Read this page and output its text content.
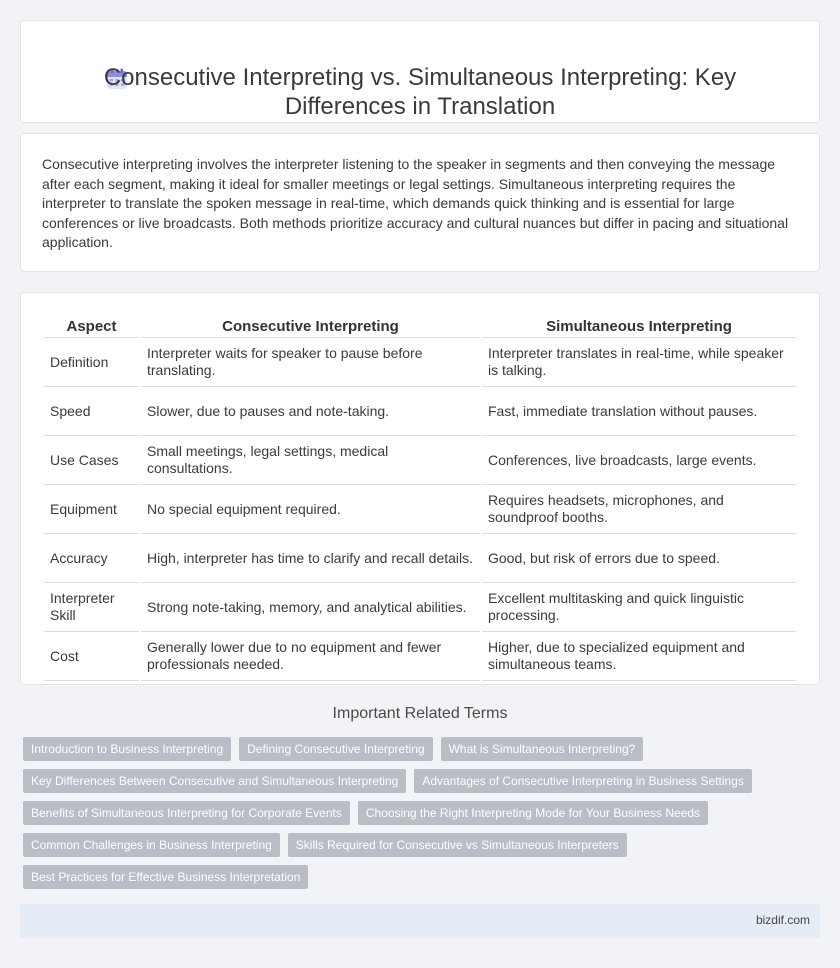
Consecutive Interpreting vs. Simultaneous Interpreting: Key Differences in Translation

Consecutive interpreting involves the interpreter listening to the speaker in segments and then conveying the message after each segment, making it ideal for smaller meetings or legal settings. Simultaneous interpreting requires the interpreter to translate the spoken message in real-time, which demands quick thinking and is essential for large conferences or live broadcasts. Both methods prioritize accuracy and cultural nuances but differ in pacing and situational application.

Aspect	Consecutive Interpreting	Simultaneous Interpreting
Definition	Interpreter waits for speaker to pause before translating.	Interpreter translates in real-time, while speaker is talking.
Speed	Slower, due to pauses and note-taking.	Fast, immediate translation without pauses.
Use Cases	Small meetings, legal settings, medical consultations.	Conferences, live broadcasts, large events.
Equipment	No special equipment required.	Requires headsets, microphones, and soundproof booths.
Accuracy	High, interpreter has time to clarify and recall details.	Good, but risk of errors due to speed.
Interpreter Skill	Strong note-taking, memory, and analytical abilities.	Excellent multitasking and quick linguistic processing.
Cost	Generally lower due to no equipment and fewer professionals needed.	Higher, due to specialized equipment and simultaneous teams.
Important Related Terms
Introduction to Business Interpreting	Defining Consecutive Interpreting	What is Simultaneous Interpreting?
Key Differences Between Consecutive and Simultaneous Interpreting	Advantages of Consecutive Interpreting in Business Settings
Benefits of Simultaneous Interpreting for Corporate Events	Choosing the Right Interpreting Mode for Your Business Needs
Common Challenges in Business Interpreting	Skills Required for Consecutive vs Simultaneous Interpreters
Best Practices for Effective Business Interpretation
bizdif.com
